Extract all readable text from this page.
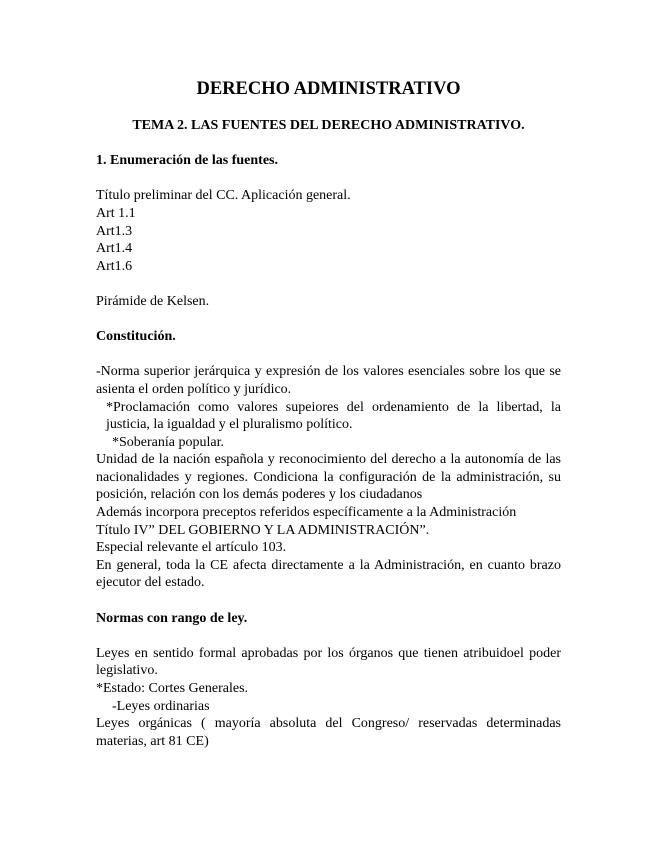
DERECHO ADMINISTRATIVO
TEMA 2. LAS FUENTES DEL DERECHO ADMINISTRATIVO.
1. Enumeración de las fuentes.
Título preliminar del CC. Aplicación general.
Art 1.1
Art1.3
Art1.4
Art1.6
Pirámide de Kelsen.
Constitución.
-Norma superior jerárquica y expresión de los valores esenciales sobre los que se asienta el orden político y jurídico.
*Proclamación como valores supeiores del ordenamiento de la libertad, la justicia, la igualdad y el pluralismo político.
*Soberanía popular.
Unidad de la nación española y reconocimiento del derecho a la autonomía de las nacionalidades y regiones. Condiciona la configuración de la administración, su posición, relación con los demás poderes y los ciudadanos
Además incorpora preceptos referidos específicamente a la Administración
Título IV” DEL GOBIERNO Y LA ADMINISTRACIÓN”.
Especial relevante el artículo 103.
En general, toda la CE afecta directamente a la Administración, en cuanto brazo ejecutor del estado.
Normas con rango de ley.
Leyes en sentido formal aprobadas por los órganos que tienen atribuidoel poder legislativo.
*Estado: Cortes Generales.
-Leyes ordinarias
Leyes orgánicas ( mayoría absoluta del Congreso/ reservadas determinadas materias, art 81 CE)
